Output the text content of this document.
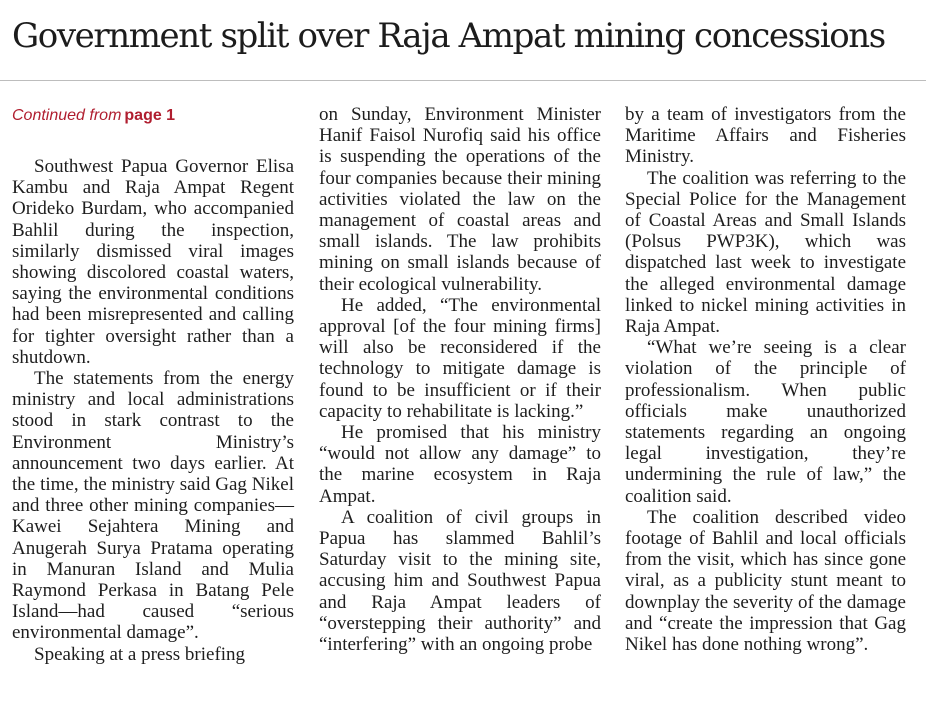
Government split over Raja Ampat mining concessions
Continued from page 1

Southwest Papua Governor Elisa Kambu and Raja Ampat Regent Orideko Burdam, who accompanied Bahlil during the inspection, similarly dismissed viral images showing discolored coastal waters, saying the environmental conditions had been misrepresented and calling for tighter oversight rather than a shutdown.

The statements from the energy ministry and local administrations stood in stark contrast to the Environment Ministry’s announcement two days earlier. At the time, the ministry said Gag Nikel and three other mining companies—Kawei Sejahtera Mining and Anugerah Surya Pratama operating in Manuran Island and Mulia Raymond Perkasa in Batang Pele Island—had caused “serious environmental damage”.

Speaking at a press briefing

on Sunday, Environment Minister Hanif Faisol Nurofiq said his office is suspending the operations of the four companies because their mining activities violated the law on the management of coastal areas and small islands. The law prohibits mining on small islands because of their ecological vulnerability.

He added, “The environmental approval [of the four mining firms] will also be reconsidered if the technology to mitigate damage is found to be insufficient or if their capacity to rehabilitate is lacking.”

He promised that his ministry “would not allow any damage” to the marine ecosystem in Raja Ampat.

A coalition of civil groups in Papua has slammed Bahlil’s Saturday visit to the mining site, accusing him and Southwest Papua and Raja Ampat leaders of “overstepping their authority” and “interfering” with an ongoing probe

by a team of investigators from the Maritime Affairs and Fisheries Ministry.

The coalition was referring to the Special Police for the Management of Coastal Areas and Small Islands (Polsus PWP3K), which was dispatched last week to investigate the alleged environmental damage linked to nickel mining activities in Raja Ampat.

“What we’re seeing is a clear violation of the principle of professionalism. When public officials make unauthorized statements regarding an ongoing legal investigation, they’re undermining the rule of law,” the coalition said.

The coalition described video footage of Bahlil and local officials from the visit, which has since gone viral, as a publicity stunt meant to downplay the severity of the damage and “create the impression that Gag Nikel has done nothing wrong”.
